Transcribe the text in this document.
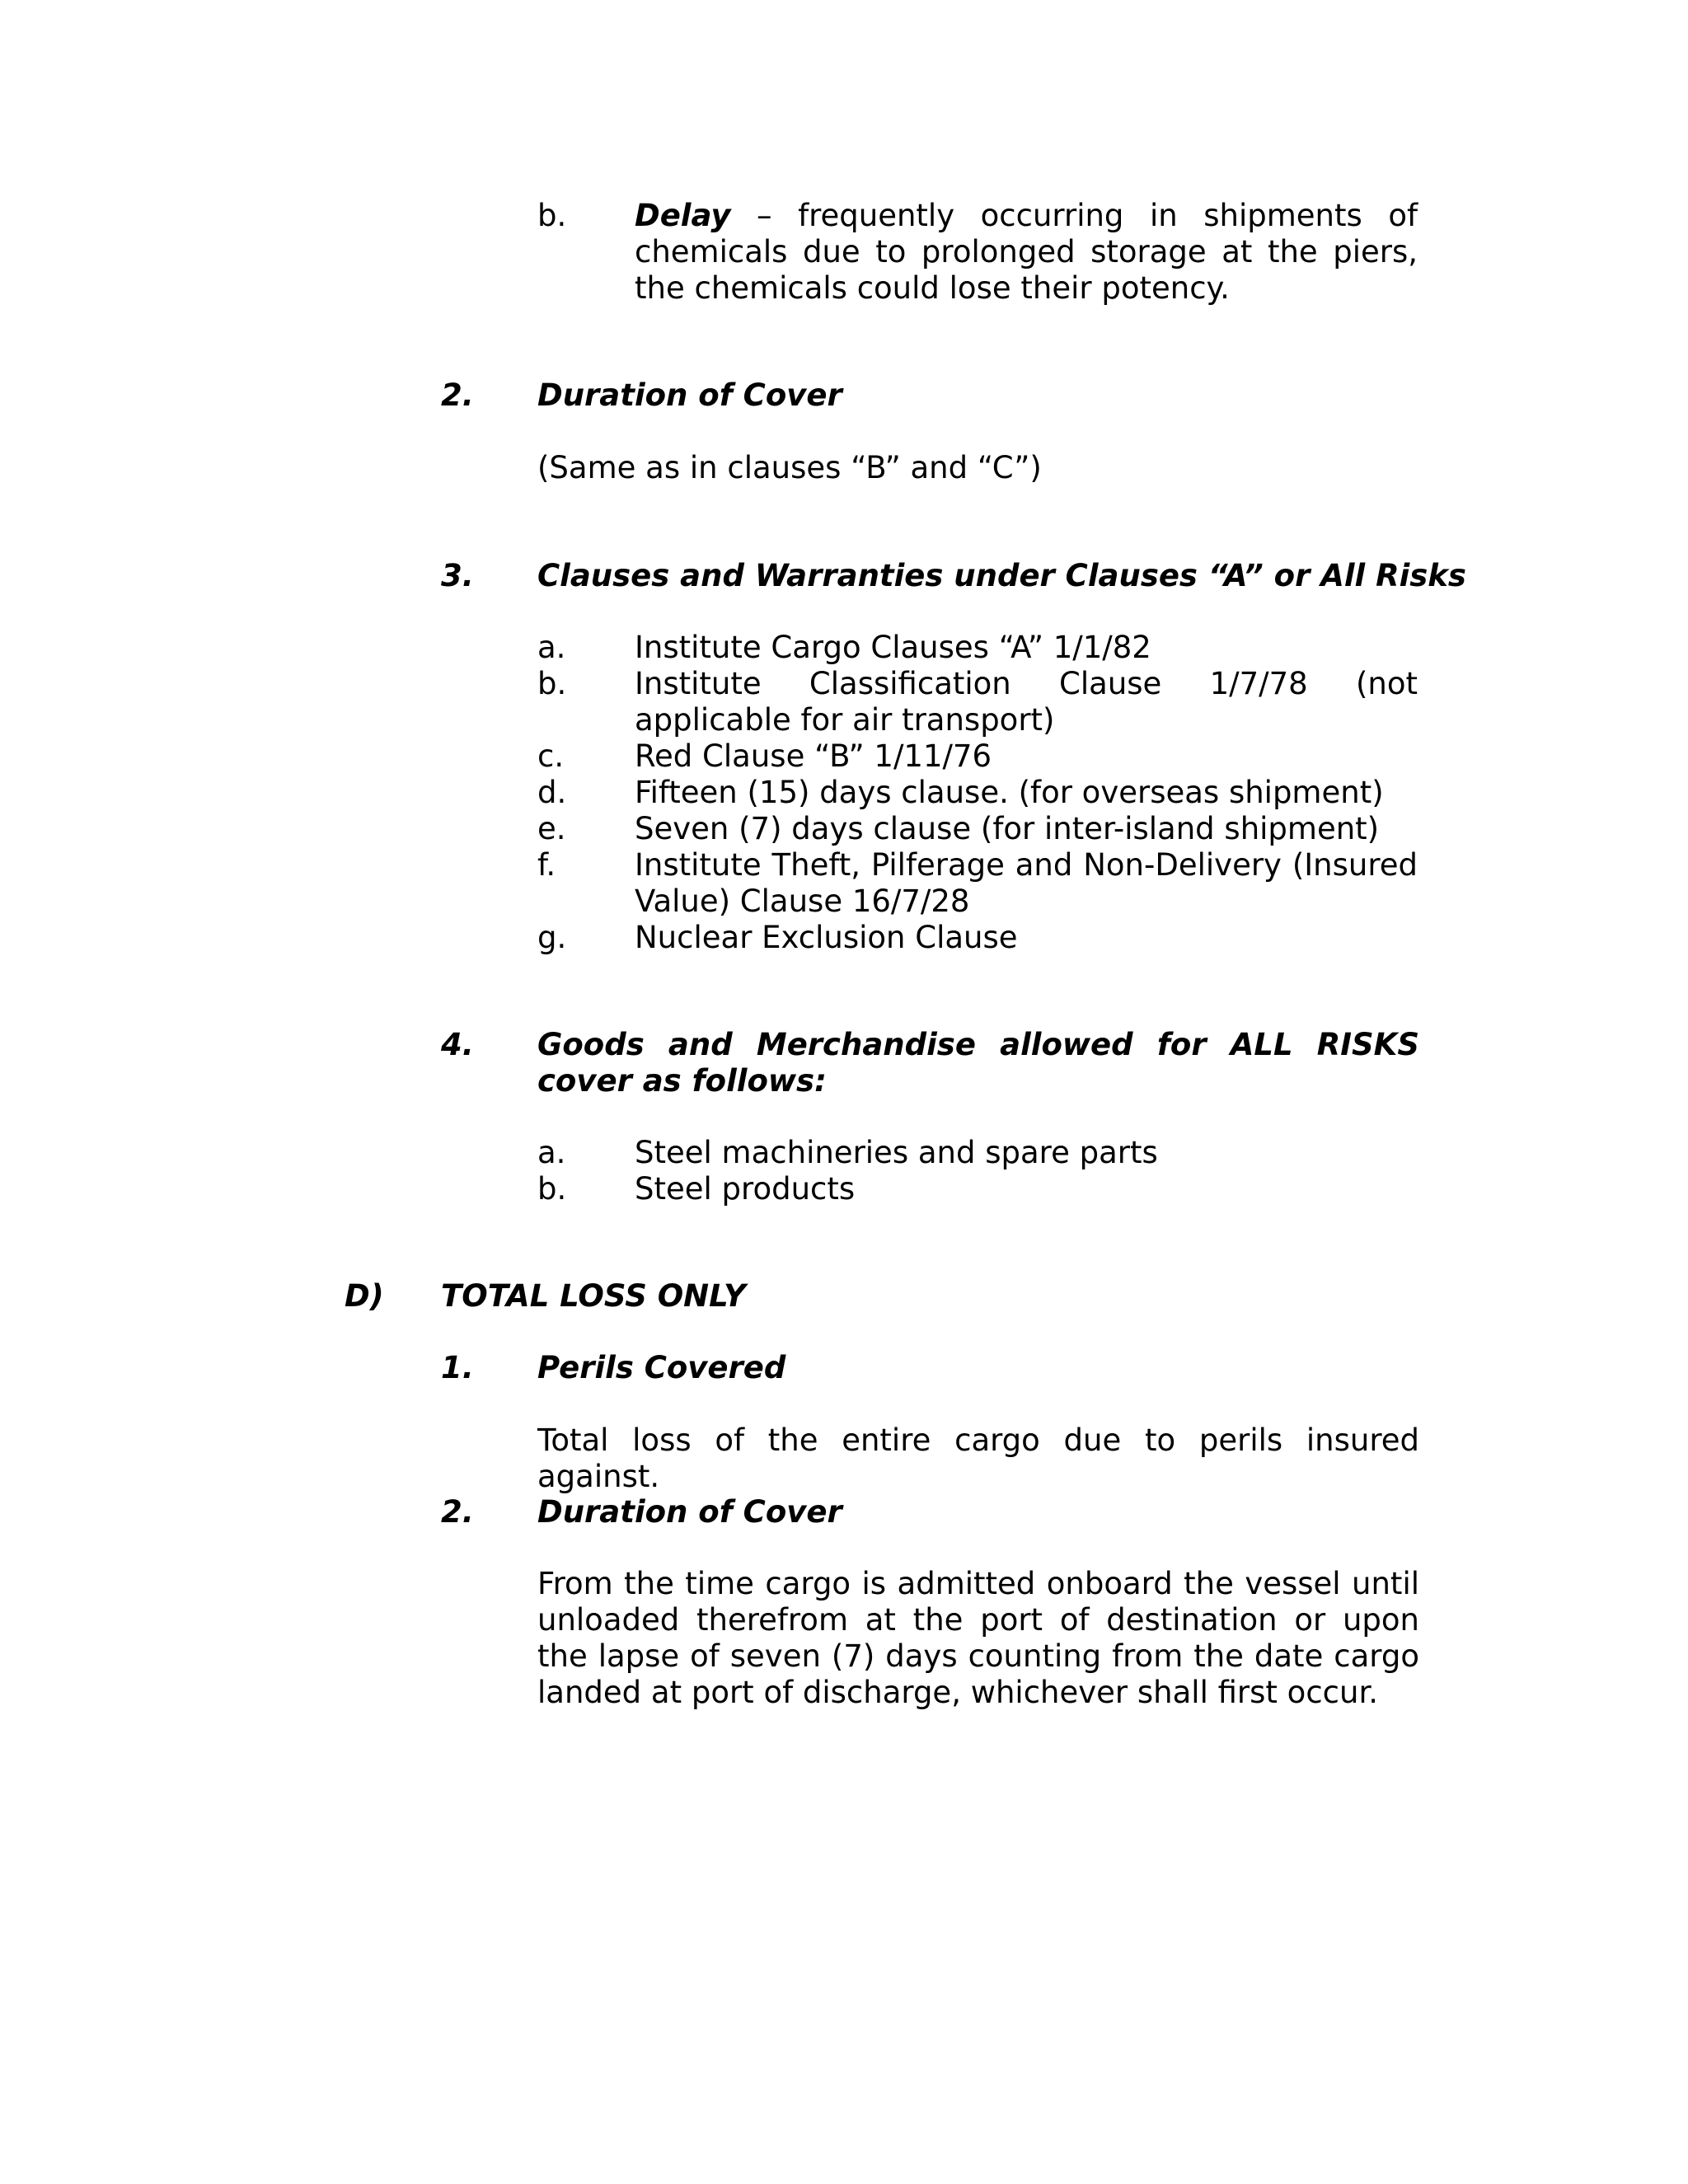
b. Delay – frequently occurring in shipments of chemicals due to prolonged storage at the piers, the chemicals could lose their potency.
2. Duration of Cover
(Same as in clauses “B” and “C”)
3. Clauses and Warranties under Clauses “A” or All Risks
a. Institute Cargo Clauses “A” 1/1/82
b. Institute Classification Clause 1/7/78 (not applicable for air transport)
c. Red Clause “B” 1/11/76
d. Fifteen (15) days clause. (for overseas shipment)
e. Seven (7) days clause (for inter-island shipment)
f.	Institute Theft, Pilferage and Non-Delivery (Insured Value) Clause 16/7/28
g. Nuclear Exclusion Clause
4. Goods and Merchandise allowed for ALL RISKS cover as follows:
a. Steel machineries and spare parts
b. Steel products
D) TOTAL LOSS ONLY
1. Perils Covered
Total loss of the entire cargo due to perils insured against.
2. Duration of Cover
From the time cargo is admitted onboard the vessel until unloaded therefrom at the port of destination or upon the lapse of seven (7) days counting from the date cargo landed at port of discharge, whichever shall first occur.
